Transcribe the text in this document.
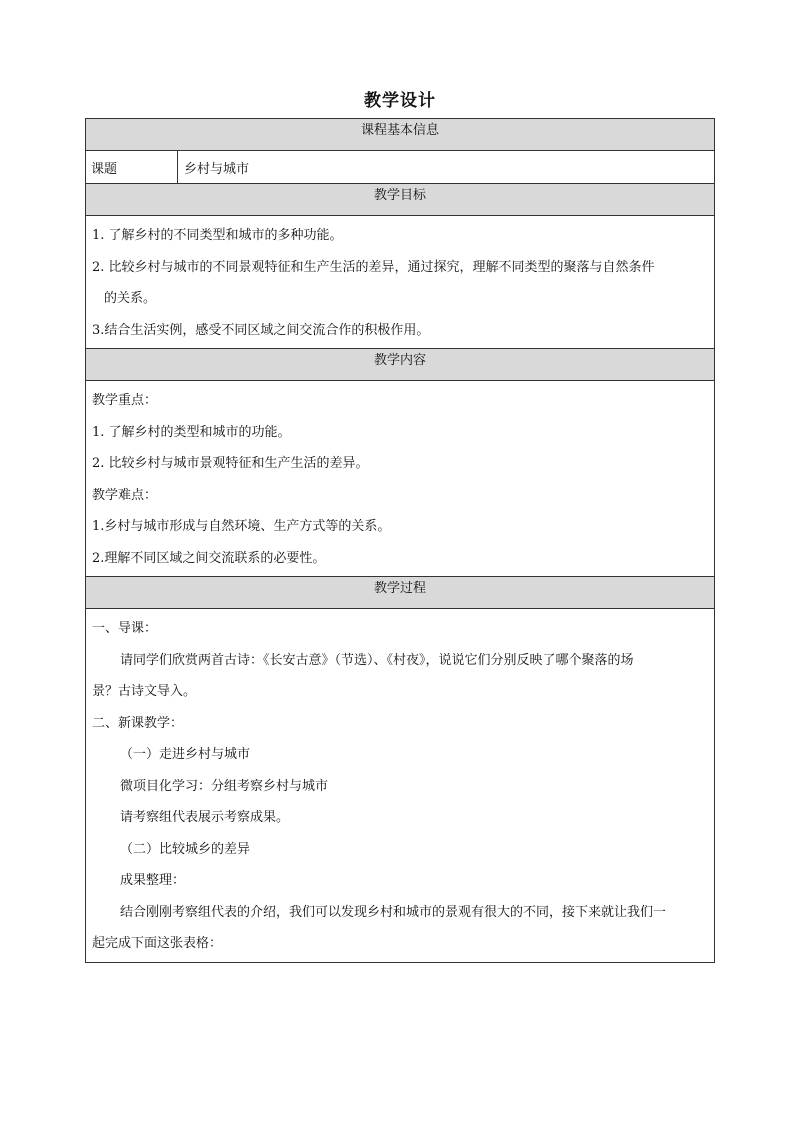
教学设计
课程基本信息
课题	乡村与城市
教学目标

1. 了解乡村的不同类型和城市的多种功能。
2. 比较乡村与城市的不同景观特征和生产生活的差异，通过探究，理解不同类型的聚落与自然条件
的关系。
3.结合生活实例，感受不同区域之间交流合作的积极作用。

教学内容

教学重点：
1. 了解乡村的类型和城市的功能。
2. 比较乡村与城市景观特征和生产生活的差异。
教学难点：
1.乡村与城市形成与自然环境、生产方式等的关系。
2.理解不同区域之间交流联系的必要性。

教学过程

一、导课：
请同学们欣赏两首古诗：《长安古意》（节选）、《村夜》，说说它们分别反映了哪个聚落的场
景？古诗文导入。
二、新课教学：
（一）走进乡村与城市
微项目化学习：分组考察乡村与城市
请考察组代表展示考察成果。
（二）比较城乡的差异
成果整理：
结合刚刚考察组代表的介绍，我们可以发现乡村和城市的景观有很大的不同，接下来就让我们一
起完成下面这张表格：
